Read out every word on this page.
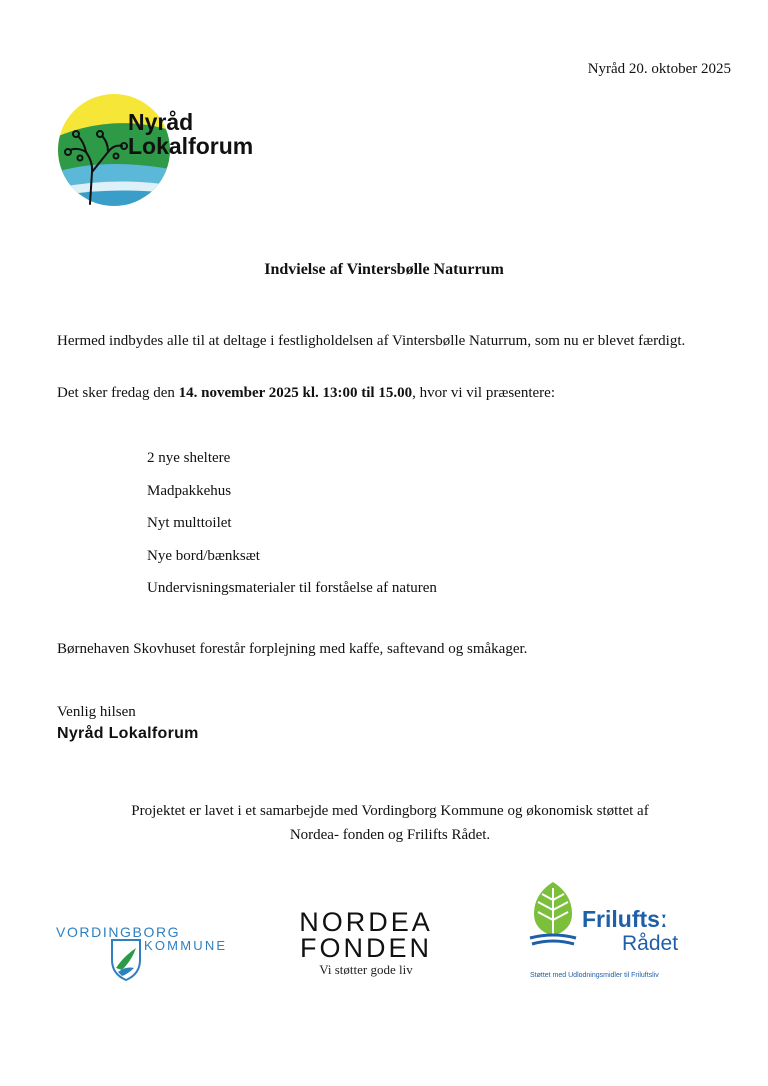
Nyråd 20. oktober 2025
Nyråd
Lokalforum
Indvielse af Vintersbølle Naturrum
Hermed indbydes alle til at deltage i festligholdelsen af Vintersbølle Naturrum, som nu er blevet færdigt.
Det sker fredag den 14. november 2025 kl. 13:00 til 15.00, hvor vi vil præsentere:
2 nye sheltere
Madpakkehus
Nyt multtoilet
Nye bord/bænksæt
Undervisningsmaterialer til forståelse af naturen
Børnehaven Skovhuset forestår forplejning med kaffe, saftevand og småkager.
Venlig hilsen
Nyråd Lokalforum
Projektet er lavet i et samarbejde med Vordingborg Kommune og økonomisk støttet af
Nordea- fonden og Frilifts Rådet.
VORDINGBORG
KOMMUNE
NORDEA
FONDEN
Vi støtter gode liv
Friluftsː
Rådet
Støttet med Udlodningsmidler til Friluftsliv
